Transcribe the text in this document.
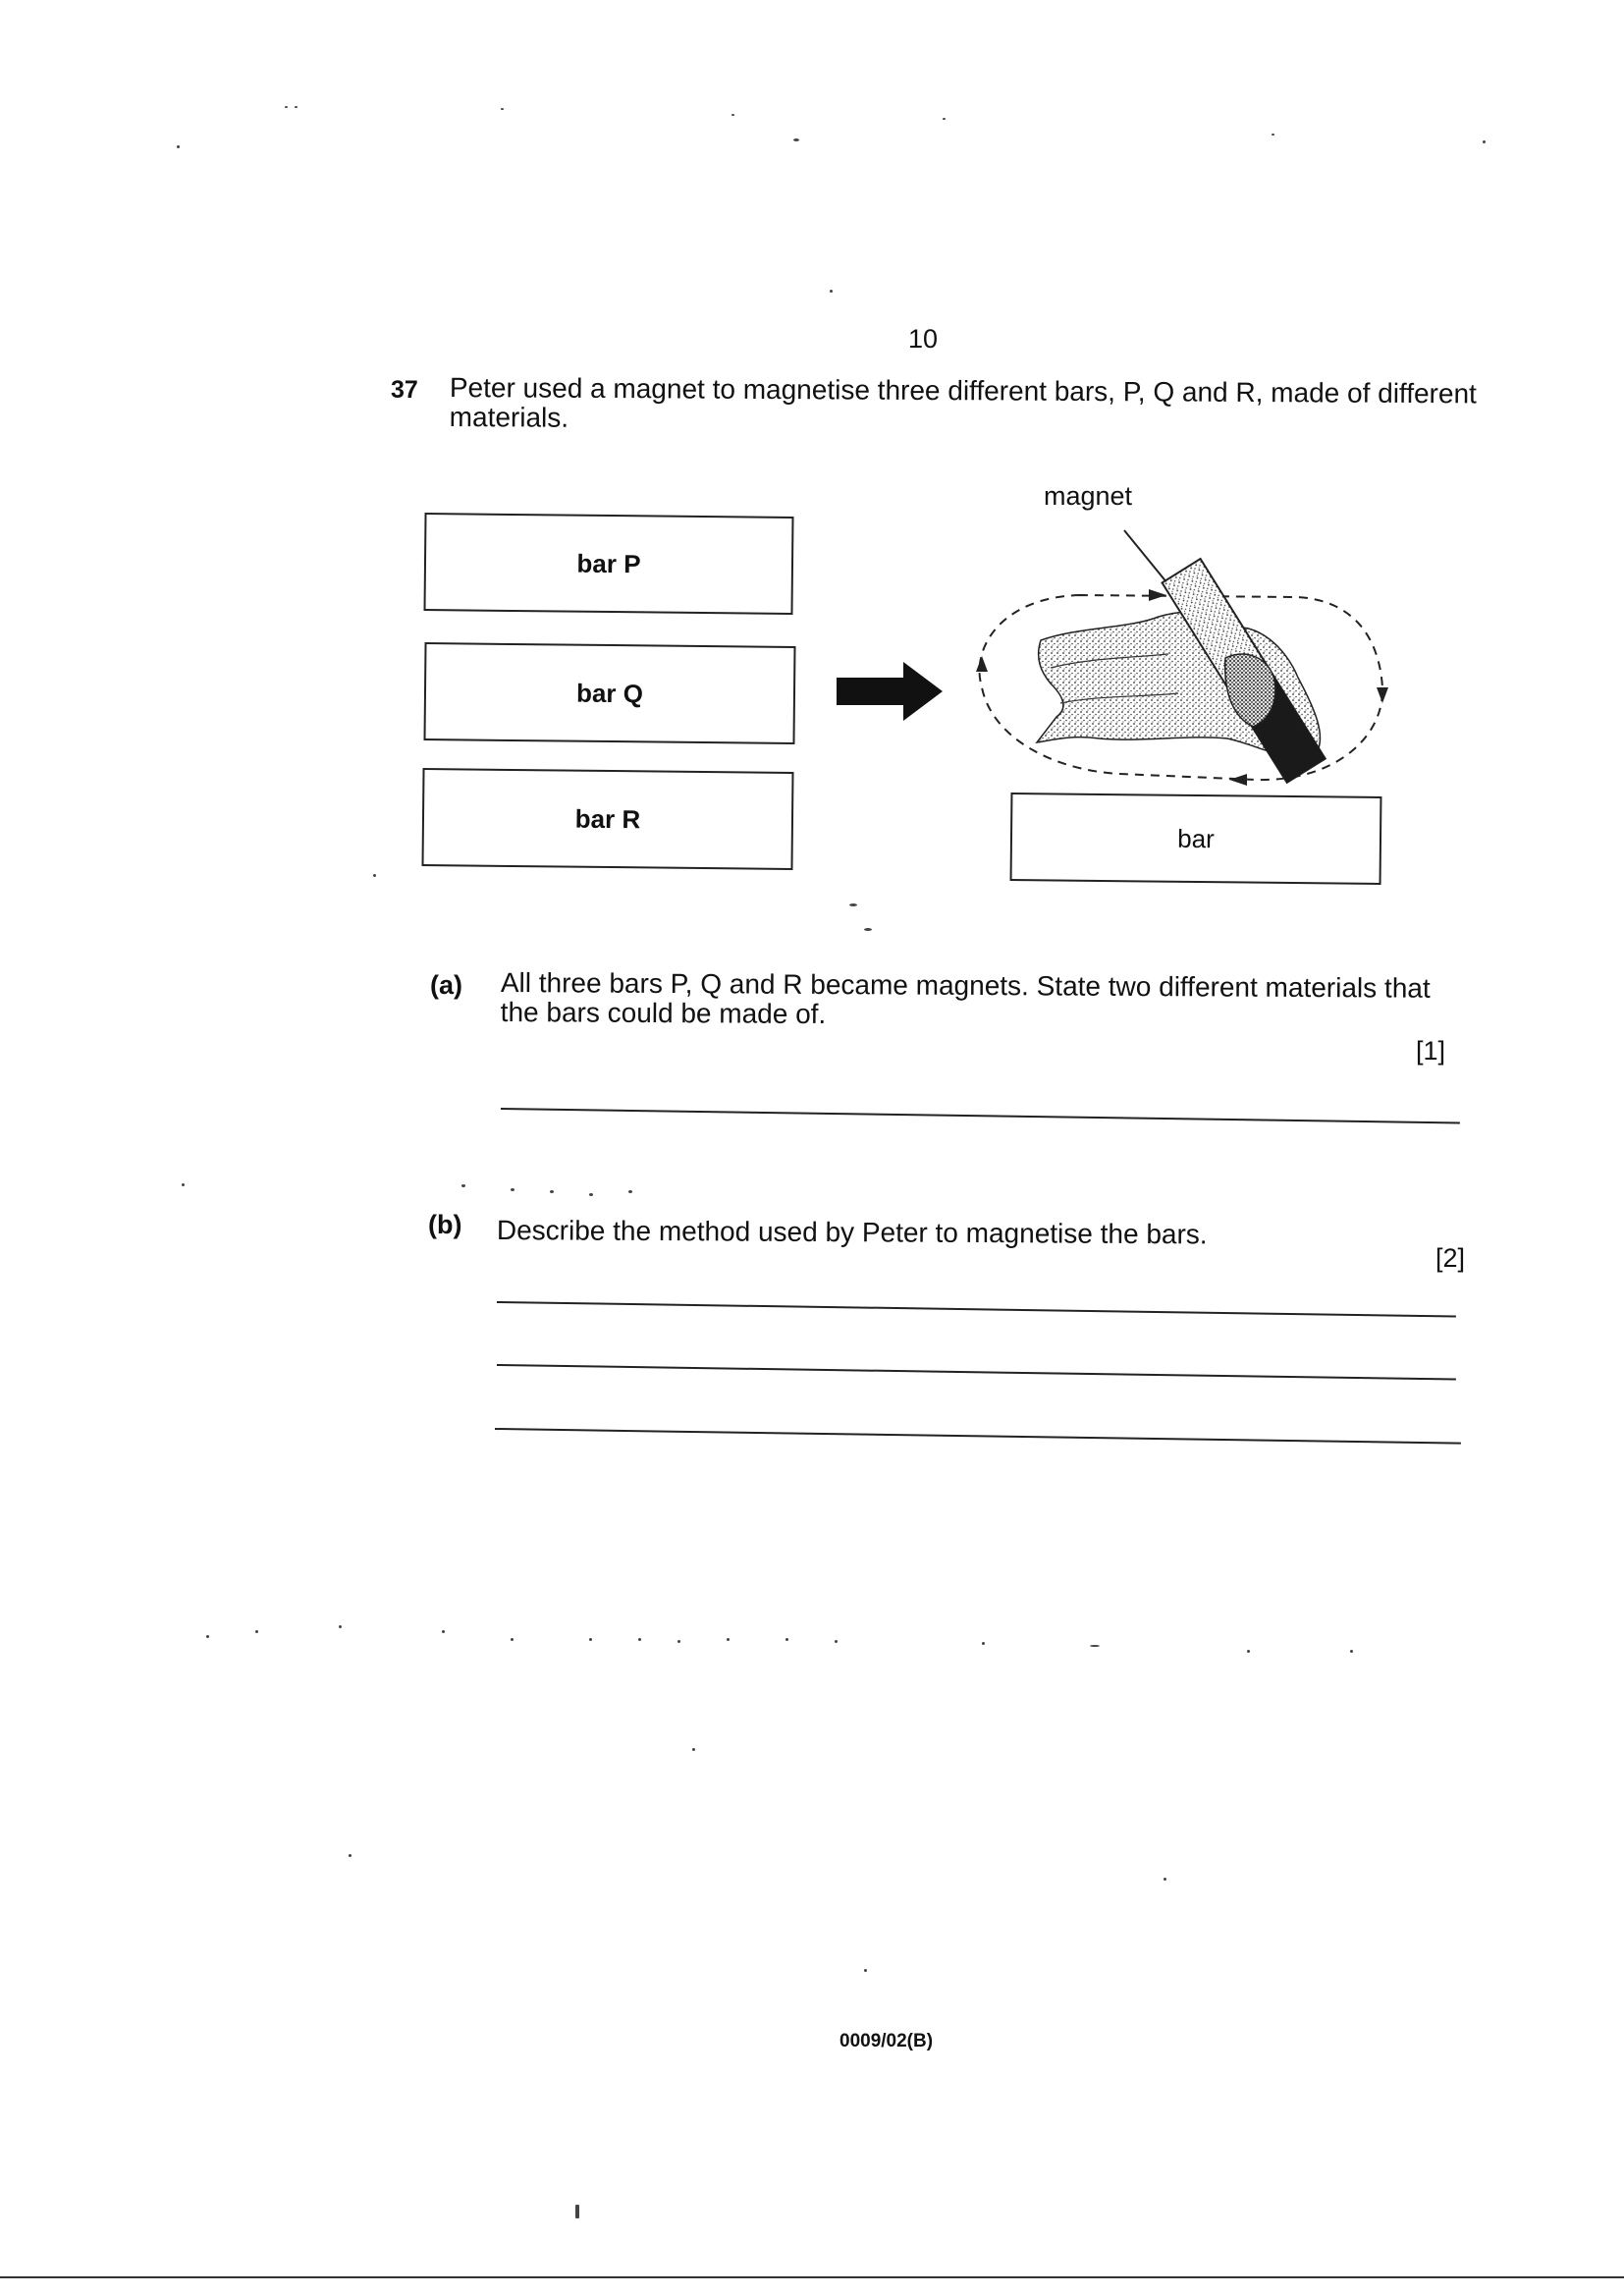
10
37 Peter used a magnet to magnetise three different bars, P, Q and R, made of different materials.
bar P
bar Q
bar R
magnet
bar
(a) All three bars P, Q and R became magnets. State two different materials that the bars could be made of.
[1]
(b) Describe the method used by Peter to magnetise the bars.
[2]
0009/02(B)
